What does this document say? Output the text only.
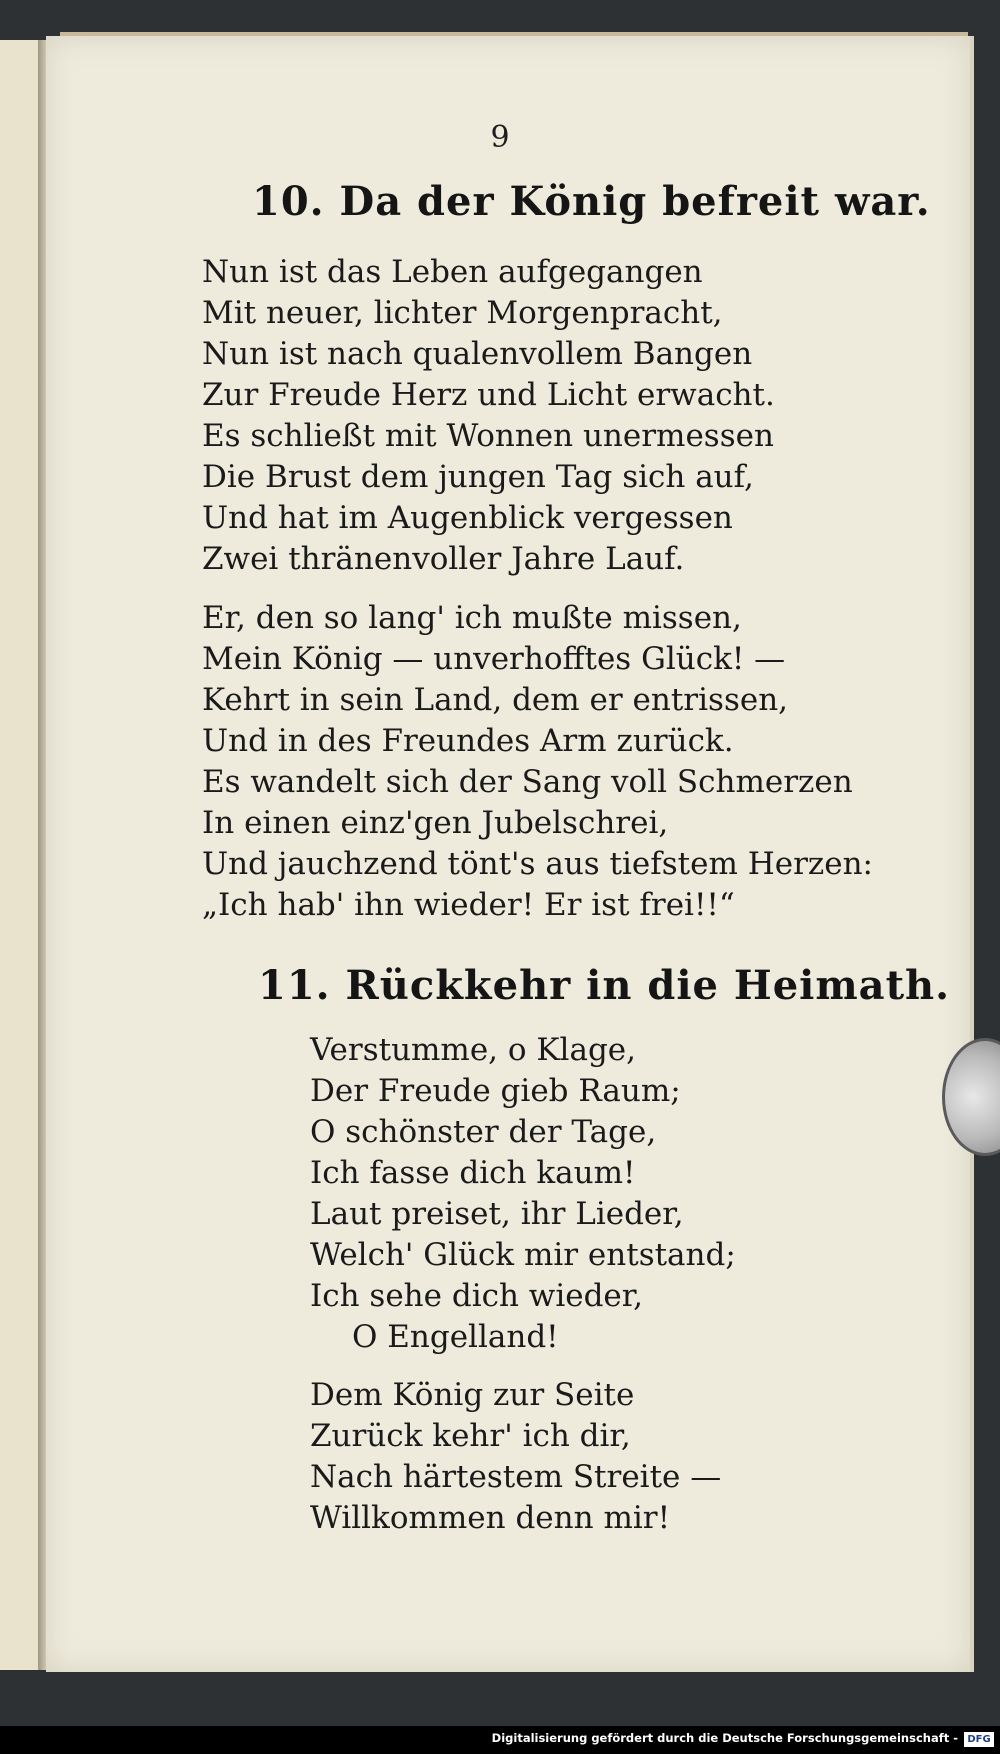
9
10. Da der König befreit war.
Nun ist das Leben aufgegangen
Mit neuer, lichter Morgenpracht,
Nun ist nach qualenvollem Bangen
Zur Freude Herz und Licht erwacht.
Es schließt mit Wonnen unermessen
Die Brust dem jungen Tag sich auf,
Und hat im Augenblick vergessen
Zwei thränenvoller Jahre Lauf.
Er, den so lang' ich mußte missen,
Mein König — unverhofftes Glück! —
Kehrt in sein Land, dem er entrissen,
Und in des Freundes Arm zurück.
Es wandelt sich der Sang voll Schmerzen
In einen einz'gen Jubelschrei,
Und jauchzend tönt's aus tiefstem Herzen:
„Ich hab' ihn wieder! Er ist frei!!“
11. Rückkehr in die Heimath.
Verstumme, o Klage,
Der Freude gieb Raum;
O schönster der Tage,
Ich fasse dich kaum!
Laut preiset, ihr Lieder,
Welch' Glück mir entstand;
Ich sehe dich wieder,
O Engelland!
Dem König zur Seite
Zurück kehr' ich dir,
Nach härtestem Streite —
Willkommen denn mir!
Digitalisierung gefördert durch die Deutsche Forschungsgemeinschaft - DFG
